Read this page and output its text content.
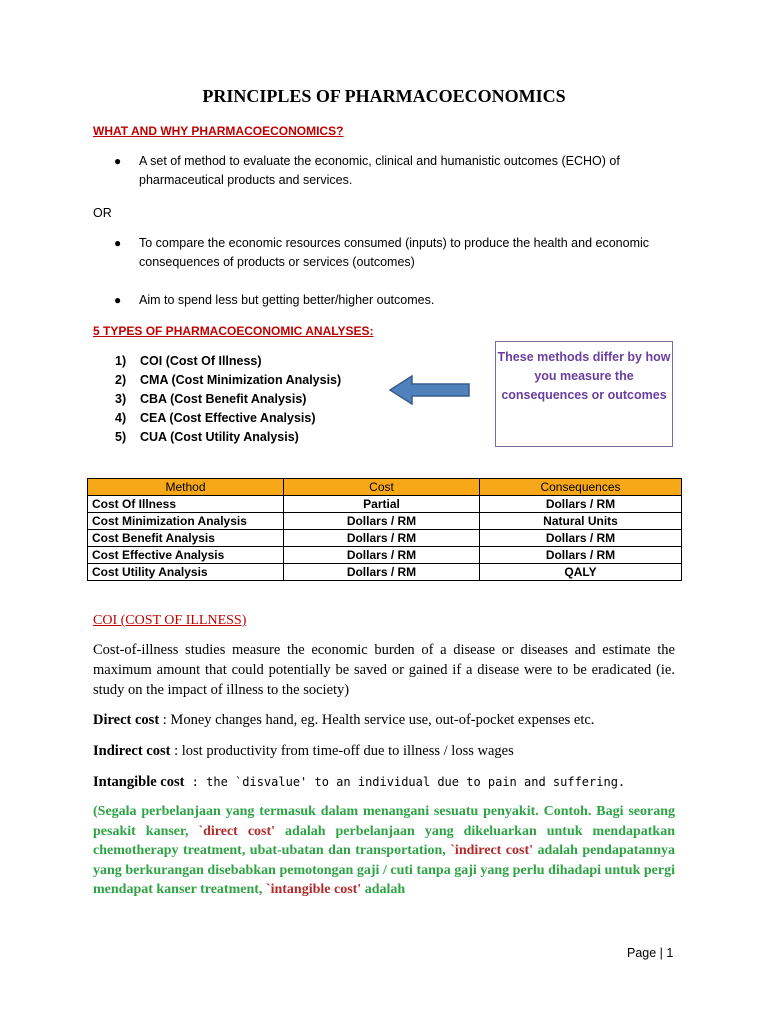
PRINCIPLES OF PHARMACOECONOMICS
WHAT AND WHY PHARMACOECONOMICS?
●	A set of method to evaluate the economic, clinical and humanistic outcomes (ECHO) of pharmaceutical products and services.
OR
●	To compare the economic resources consumed (inputs) to produce the health and economic consequences of products or services (outcomes)
●	Aim to spend less but getting better/higher outcomes.
5 TYPES OF PHARMACOECONOMIC ANALYSES:
1)	COI (Cost Of Illness)
2)	CMA (Cost Minimization Analysis)
3)	CBA (Cost Benefit Analysis)
4)	CEA (Cost Effective Analysis)
5)	CUA (Cost Utility Analysis)
These methods differ by how you measure the consequences or outcomes
Method	Cost	Consequences
Cost Of Illness	Partial	Dollars / RM
Cost Minimization Analysis	Dollars / RM	Natural Units
Cost Benefit Analysis	Dollars / RM	Dollars / RM
Cost Effective Analysis	Dollars / RM	Dollars / RM
Cost Utility Analysis	Dollars / RM	QALY
COI (COST OF ILLNESS)
Cost-of-illness studies measure the economic burden of a disease or diseases and estimate the maximum amount that could potentially be saved or gained if a disease were to be eradicated (ie. study on the impact of illness to the society)
Direct cost : Money changes hand, eg. Health service use, out-of-pocket expenses etc.
Indirect cost : lost productivity from time-off due to illness / loss wages
Intangible cost : the `disvalue' to an individual due to pain and suffering.
(Segala perbelanjaan yang termasuk dalam menangani sesuatu penyakit. Contoh. Bagi seorang pesakit kanser, `direct cost' adalah perbelanjaan yang dikeluarkan untuk mendapatkan chemotherapy treatment, ubat-ubatan dan transportation, `indirect cost' adalah pendapatannya yang berkurangan disebabkan pemotongan gaji / cuti tanpa gaji yang perlu dihadapi untuk pergi mendapat kanser treatment, `intangible cost' adalah
Page | 1
